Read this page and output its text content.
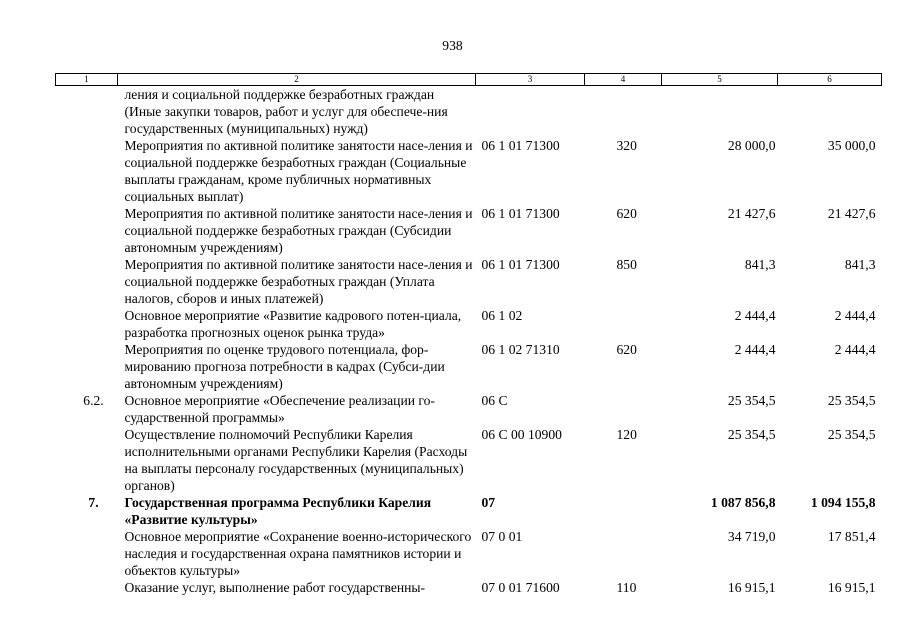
938
1	2	3	4	5	6
	ления и социальной поддержке безработных граждан (Иные закупки товаров, работ и услуг для обеспече-ния государственных (муниципальных) нужд)				
	Мероприятия по активной политике занятости насе-ления и социальной поддержке безработных граждан (Социальные выплаты гражданам, кроме публичных нормативных социальных выплат)	06 1 01 71300	320	28 000,0	35 000,0
	Мероприятия по активной политике занятости насе-ления и социальной поддержке безработных граждан (Субсидии автономным учреждениям)	06 1 01 71300	620	21 427,6	21 427,6
	Мероприятия по активной политике занятости насе-ления и социальной поддержке безработных граждан (Уплата налогов, сборов и иных платежей)	06 1 01 71300	850	841,3	841,3
	Основное мероприятие «Развитие кадрового потен-циала, разработка прогнозных оценок рынка труда»	06 1 02		2 444,4	2 444,4
	Мероприятия по оценке трудового потенциала, фор-мированию прогноза потребности в кадрах (Субси-дии автономным учреждениям)	06 1 02 71310	620	2 444,4	2 444,4
6.2.	Основное мероприятие «Обеспечение реализации го-сударственной программы»	06 С		25 354,5	25 354,5
	Осуществление полномочий Республики Карелия исполнительными органами Республики Карелия (Расходы на выплаты персоналу государственных (муниципальных) органов)	06 С 00 10900	120	25 354,5	25 354,5
7.	Государственная программа Республики Карелия «Развитие культуры»	07		1 087 856,8	1 094 155,8
	Основное мероприятие «Сохранение военно-исторического наследия и государственная охрана памятников истории и объектов культуры»	07 0 01		34 719,0	17 851,4
	Оказание услуг, выполнение работ государственны-	07 0 01 71600	110	16 915,1	16 915,1
